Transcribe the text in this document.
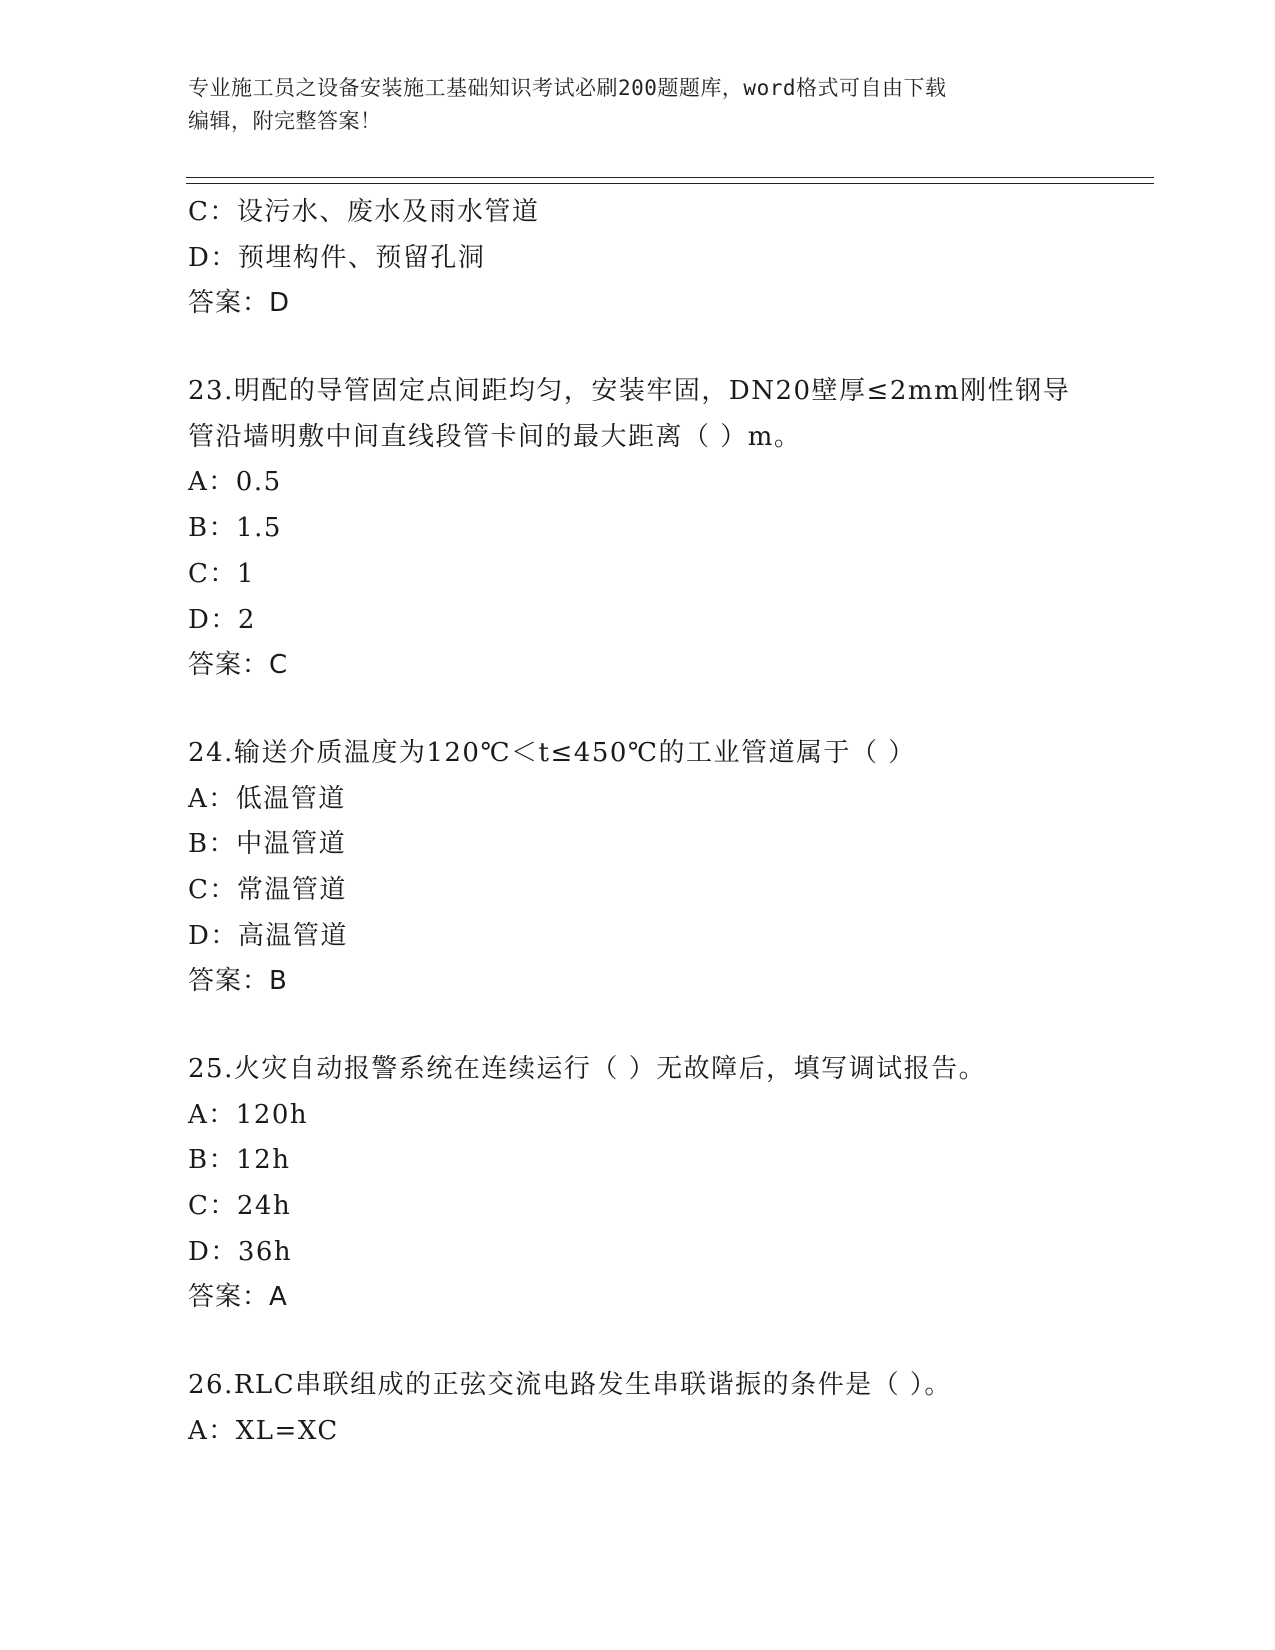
专业施工员之设备安装施工基础知识考试必刷200题题库，word格式可自由下载
编辑，附完整答案！
C：设污水、废水及雨水管道
D：预埋构件、预留孔洞
答案：D
23.明配的导管固定点间距均匀，安装牢固，DN20壁厚≤2mm刚性钢导
管沿墙明敷中间直线段管卡间的最大距离（ ）m。
A：0.5
B：1.5
C：1
D：2
答案：C
24.输送介质温度为120℃＜t≤450℃的工业管道属于（ ）
A：低温管道
B：中温管道
C：常温管道
D：高温管道
答案：B
25.火灾自动报警系统在连续运行（ ）无故障后，填写调试报告。
A：120h
B：12h
C：24h
D：36h
答案：A
26.RLC串联组成的正弦交流电路发生串联谐振的条件是（ ）。
A：XL=XC
